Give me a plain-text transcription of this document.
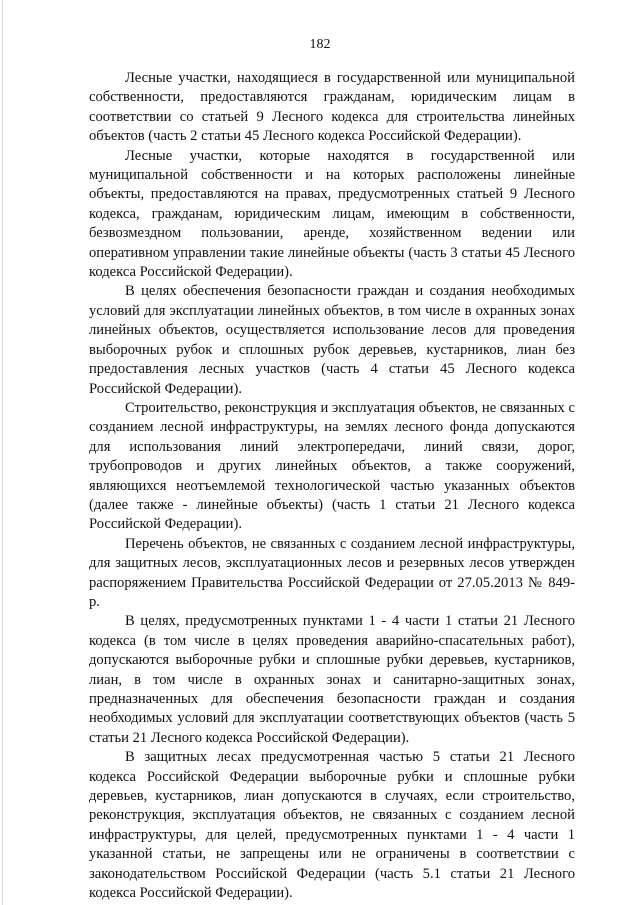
182

Лесные участки, находящиеся в государственной или муниципальной собственности, предоставляются гражданам, юридическим лицам в соответствии со статьей 9 Лесного кодекса для строительства линейных объектов (часть 2 статьи 45 Лесного кодекса Российской Федерации).

Лесные участки, которые находятся в государственной или муниципальной собственности и на которых расположены линейные объекты, предоставляются на правах, предусмотренных статьей 9 Лесного кодекса, гражданам, юридическим лицам, имеющим в собственности, безвозмездном пользовании, аренде, хозяйственном ведении или оперативном управлении такие линейные объекты (часть 3 статьи 45 Лесного кодекса Российской Федерации).

В целях обеспечения безопасности граждан и создания необходимых условий для эксплуатации линейных объектов, в том числе в охранных зонах линейных объектов, осуществляется использование лесов для проведения выборочных рубок и сплошных рубок деревьев, кустарников, лиан без предоставления лесных участков (часть 4 статьи 45 Лесного кодекса Российской Федерации).

Строительство, реконструкция и эксплуатация объектов, не связанных с созданием лесной инфраструктуры, на землях лесного фонда допускаются для использования линий электропередачи, линий связи, дорог, трубопроводов и других линейных объектов, а также сооружений, являющихся неотъемлемой технологической частью указанных объектов (далее также - линейные объекты) (часть 1 статьи 21 Лесного кодекса Российской Федерации).

Перечень объектов, не связанных с созданием лесной инфраструктуры, для защитных лесов, эксплуатационных лесов и резервных лесов утвержден распоряжением Правительства Российской Федерации от 27.05.2013 № 849-р.

В целях, предусмотренных пунктами 1 - 4 части 1 статьи 21 Лесного кодекса (в том числе в целях проведения аварийно-спасательных работ), допускаются выборочные рубки и сплошные рубки деревьев, кустарников, лиан, в том числе в охранных зонах и санитарно-защитных зонах, предназначенных для обеспечения безопасности граждан и создания необходимых условий для эксплуатации соответствующих объектов (часть 5 статьи 21 Лесного кодекса Российской Федерации).

В защитных лесах предусмотренная частью 5 статьи 21 Лесного кодекса Российской Федерации выборочные рубки и сплошные рубки деревьев, кустарников, лиан допускаются в случаях, если строительство, реконструкция, эксплуатация объектов, не связанных с созданием лесной инфраструктуры, для целей, предусмотренных пунктами 1 - 4 части 1 указанной статьи, не запрещены или не ограничены в соответствии с законодательством Российской Федерации (часть 5.1 статьи 21 Лесного кодекса Российской Федерации).
